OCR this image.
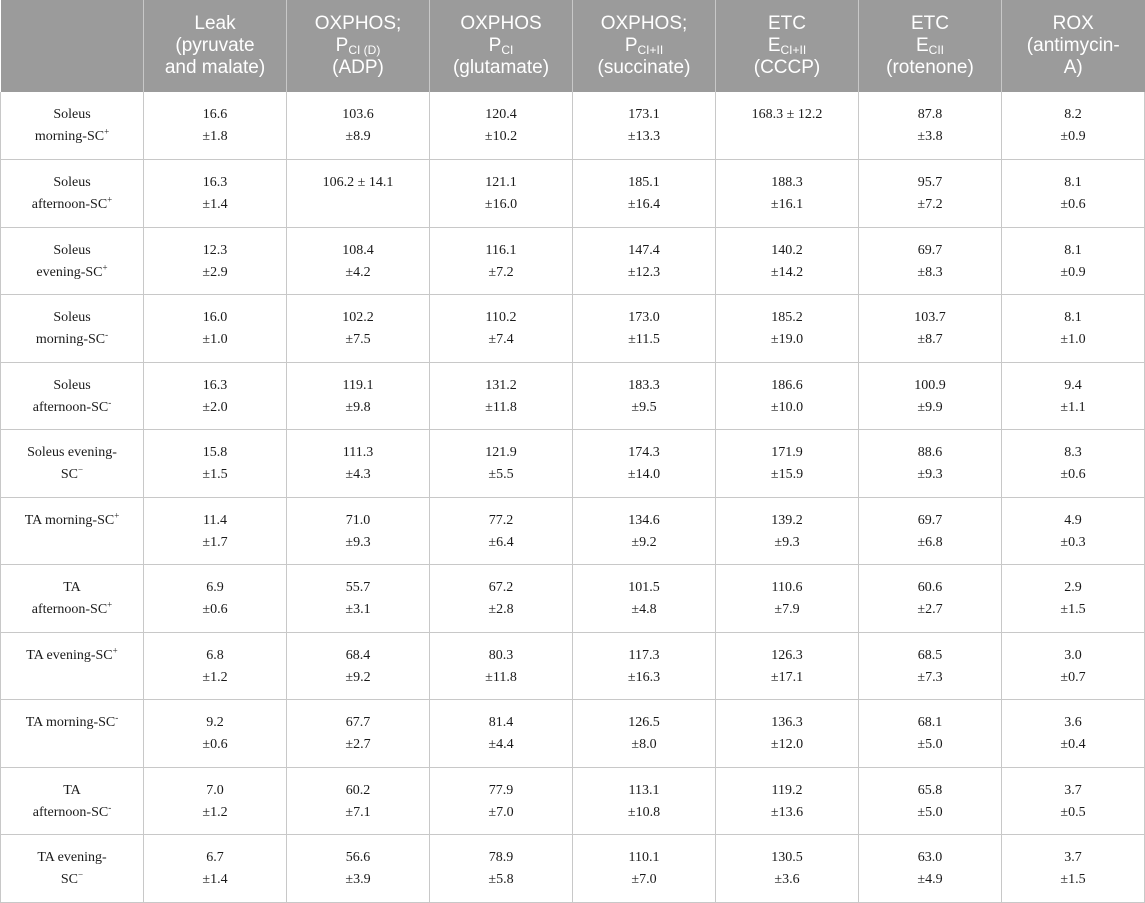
	Leak
(pyruvate
and malate)	OXPHOS;
$P_{CI (D)}$
(ADP)	OXPHOS
$P_{CI}$
(glutamate)	OXPHOS;
$P_{CI+II}$
(succinate)	ETC
$E_{CI+II}$
(CCCP)	ETC
$E_{CII}$
(rotenone)	ROX
(antimycin-
A)

Soleus
morning-SC+	16.6
±1.8	103.6
±8.9	120.4
±10.2	173.1
±13.3	168.3 ± 12.2	87.8
±3.8	8.2
±0.9

Soleus
afternoon-SC+	16.3
±1.4	106.2 ± 14.1	121.1
±16.0	185.1
±16.4	188.3
±16.1	95.7
±7.2	8.1
±0.6

Soleus
evening-SC+	12.3
±2.9	108.4
±4.2	116.1
±7.2	147.4
±12.3	140.2
±14.2	69.7
±8.3	8.1
±0.9

Soleus
morning-SC-	16.0
±1.0	102.2
±7.5	110.2
±7.4	173.0
±11.5	185.2
±19.0	103.7
±8.7	8.1
±1.0

Soleus
afternoon-SC-	16.3
±2.0	119.1
±9.8	131.2
±11.8	183.3
±9.5	186.6
±10.0	100.9
±9.9	9.4
±1.1

Soleus evening-
SC−	15.8
±1.5	111.3
±4.3	121.9
±5.5	174.3
±14.0	171.9
±15.9	88.6
±9.3	8.3
±0.6

TA morning-SC+	11.4
±1.7	71.0
±9.3	77.2
±6.4	134.6
±9.2	139.2
±9.3	69.7
±6.8	4.9
±0.3

TA
afternoon-SC+	6.9
±0.6	55.7
±3.1	67.2
±2.8	101.5
±4.8	110.6
±7.9	60.6
±2.7	2.9
±1.5

TA evening-SC+	6.8
±1.2	68.4
±9.2	80.3
±11.8	117.3
±16.3	126.3
±17.1	68.5
±7.3	3.0
±0.7

TA morning-SC-	9.2
±0.6	67.7
±2.7	81.4
±4.4	126.5
±8.0	136.3
±12.0	68.1
±5.0	3.6
±0.4

TA
afternoon-SC-	7.0
±1.2	60.2
±7.1	77.9
±7.0	113.1
±10.8	119.2
±13.6	65.8
±5.0	3.7
±0.5

TA evening-
SC−	6.7
±1.4	56.6
±3.9	78.9
±5.8	110.1
±7.0	130.5
±3.6	63.0
±4.9	3.7
±1.5
